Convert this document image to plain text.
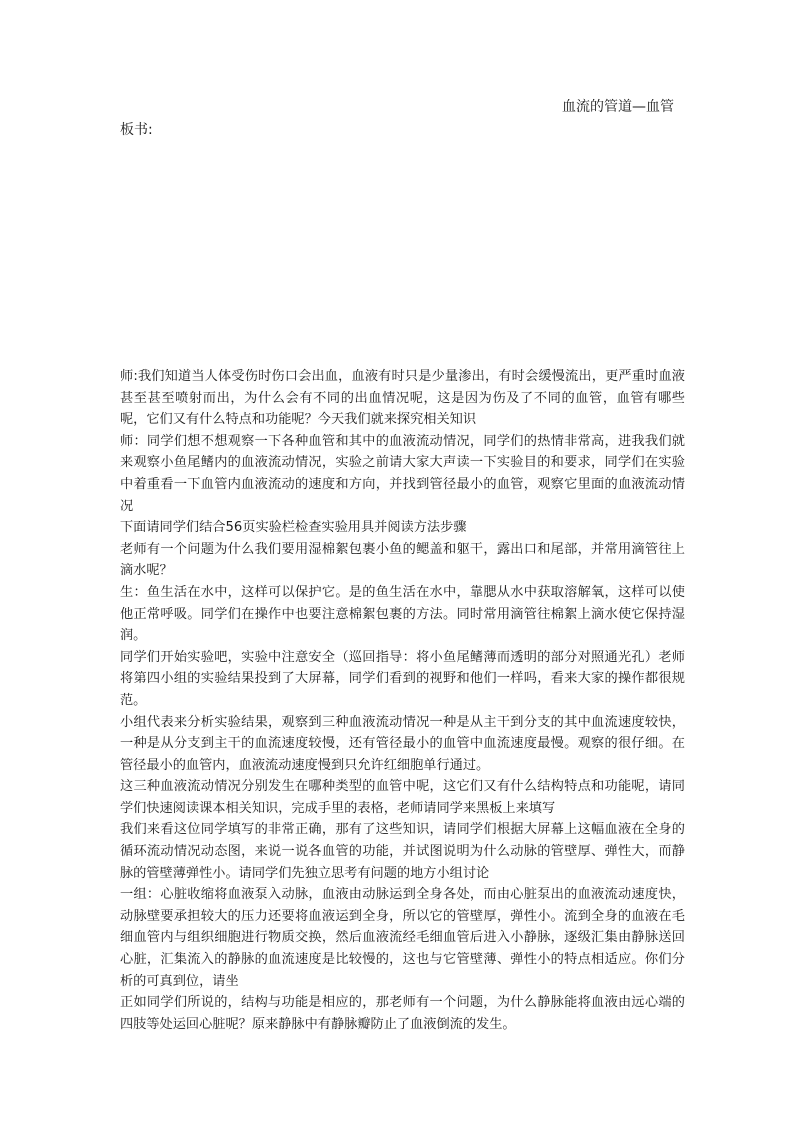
血流的管道—血管
板书:

师:我们知道当人体受伤时伤口会出血，血液有时只是少量渗出，有时会缓慢流出，更严重时血液甚至甚至喷射而出，为什么会有不同的出血情况呢，这是因为伤及了不同的血管，血管有哪些呢，它们又有什么特点和功能呢？今天我们就来探究相关知识

师：同学们想不想观察一下各种血管和其中的血液流动情况，同学们的热情非常高，进我我们就来观察小鱼尾鳍内的血液流动情况，实验之前请大家大声读一下实验目的和要求，同学们在实验中着重看一下血管内血液流动的速度和方向，并找到管径最小的血管，观察它里面的血液流动情况

下面请同学们结合56页实验栏检查实验用具并阅读方法步骤

老师有一个问题为什么我们要用湿棉絮包裹小鱼的鳃盖和躯干，露出口和尾部，并常用滴管往上滴水呢？

生：鱼生活在水中，这样可以保护它。是的鱼生活在水中，靠腮从水中获取溶解氧，这样可以使他正常呼吸。同学们在操作中也要注意棉絮包裹的方法。同时常用滴管往棉絮上滴水使它保持湿润。

同学们开始实验吧，实验中注意安全（巡回指导：将小鱼尾鳍薄而透明的部分对照通光孔）老师将第四小组的实验结果投到了大屏幕，同学们看到的视野和他们一样吗，看来大家的操作都很规范。

小组代表来分析实验结果，观察到三种血液流动情况一种是从主干到分支的其中血流速度较快，一种是从分支到主干的血流速度较慢，还有管径最小的血管中血流速度最慢。观察的很仔细。在管径最小的血管内，血液流动速度慢到只允许红细胞单行通过。

这三种血液流动情况分别发生在哪种类型的血管中呢，这它们又有什么结构特点和功能呢，请同学们快速阅读课本相关知识，完成手里的表格，老师请同学来黑板上来填写

我们来看这位同学填写的非常正确，那有了这些知识，请同学们根据大屏幕上这幅血液在全身的循环流动情况动态图，来说一说各血管的功能，并试图说明为什么动脉的管壁厚、弹性大，而静脉的管壁薄弹性小。请同学们先独立思考有问题的地方小组讨论

一组：心脏收缩将血液泵入动脉，血液由动脉运到全身各处，而由心脏泵出的血液流动速度快，动脉壁要承担较大的压力还要将血液运到全身，所以它的管壁厚，弹性小。流到全身的血液在毛细血管内与组织细胞进行物质交换，然后血液流经毛细血管后进入小静脉，逐级汇集由静脉送回心脏，汇集流入的静脉的血流速度是比较慢的，这也与它管壁薄、弹性小的特点相适应。你们分析的可真到位，请坐

正如同学们所说的，结构与功能是相应的，那老师有一个问题，为什么静脉能将血液由远心端的四肢等处运回心脏呢？原来静脉中有静脉瓣防止了血液倒流的发生。
